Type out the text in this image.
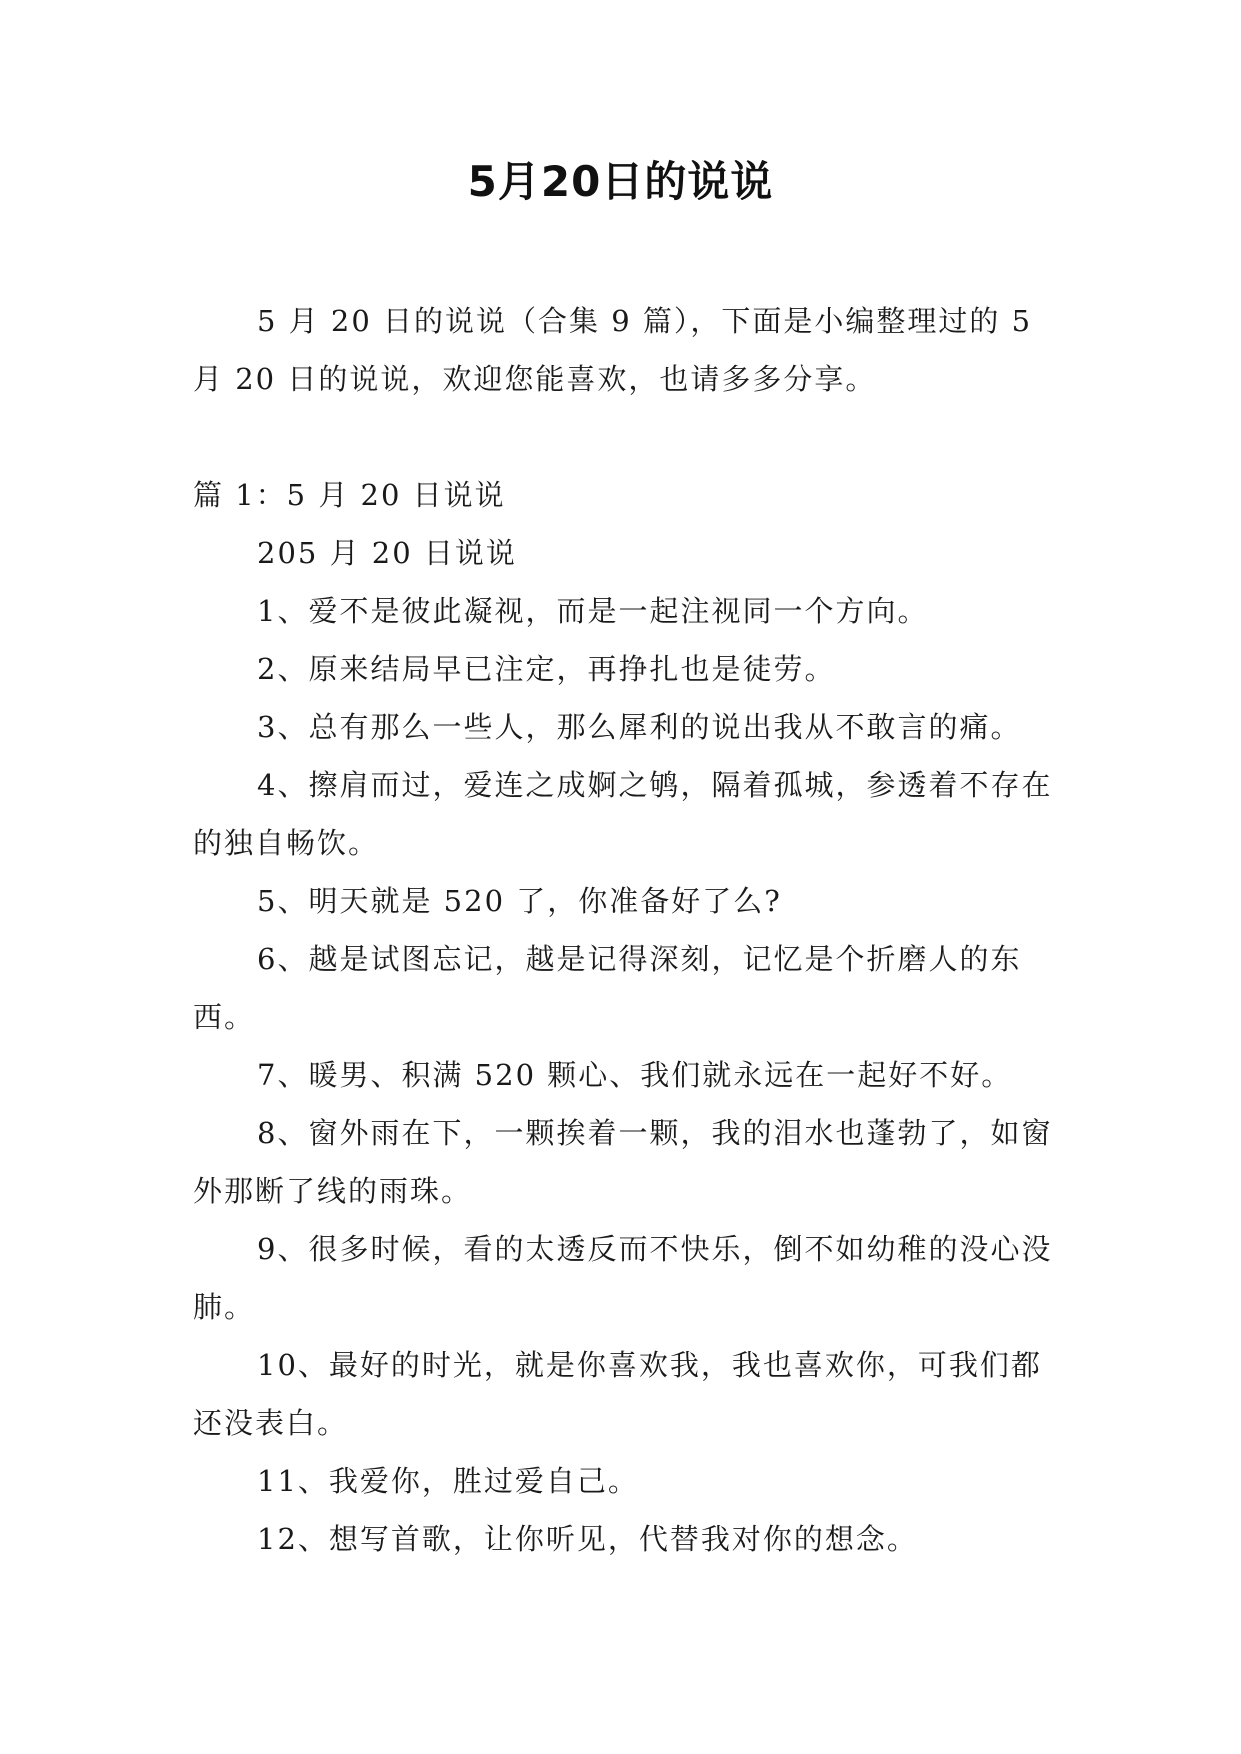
5月20日的说说

5 月 20 日的说说（合集 9 篇），下面是小编整理过的 5 月 20 日的说说，欢迎您能喜欢，也请多多分享。

篇 1：5 月 20 日说说

205 月 20 日说说

1、爱不是彼此凝视，而是一起注视同一个方向。

2、原来结局早已注定，再挣扎也是徒劳。

3、总有那么一些人，那么犀利的说出我从不敢言的痛。

4、擦肩而过，爱连之成婀之鸲，隔着孤城，参透着不存在的独自畅饮。

5、明天就是 520 了，你准备好了么?

6、越是试图忘记，越是记得深刻，记忆是个折磨人的东西。

7、暖男、积满 520 颗心、我们就永远在一起好不好。

8、窗外雨在下，一颗挨着一颗，我的泪水也蓬勃了，如窗外那断了线的雨珠。

9、很多时候，看的太透反而不快乐，倒不如幼稚的没心没肺。

10、最好的时光，就是你喜欢我，我也喜欢你，可我们都还没表白。

11、我爱你，胜过爱自己。

12、想写首歌，让你听见，代替我对你的想念。
